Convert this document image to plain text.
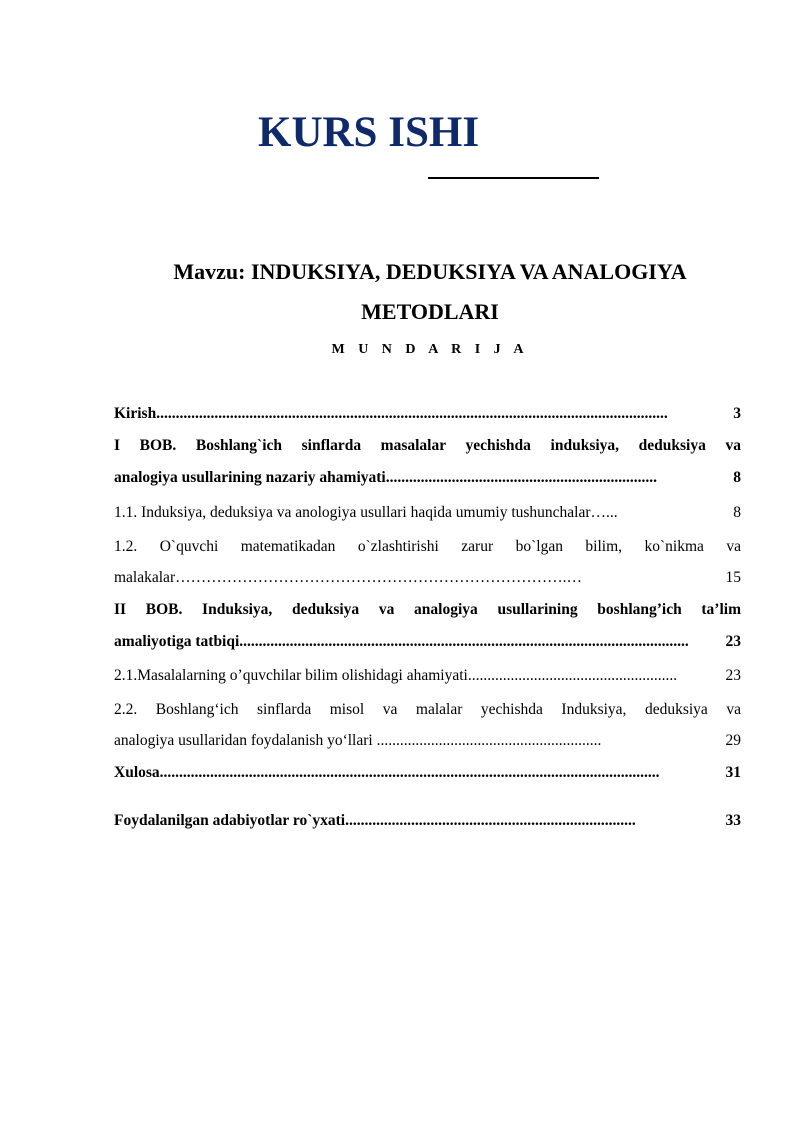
KURS ISHI

Mavzu: INDUKSIYA, DEDUKSIYA VA ANALOGIYA

METODLARI

M U N D A R I J A

Kirish....................................................................................................................................	3
I BOB. Boshlang`ich sinflarda masalalar yechishda induksiya, deduksiya va
analogiya usullarining nazariy ahamiyati......................................................................	8
1.1. Induksiya, deduksiya va anologiya usullari haqida umumiy tushunchalar…...	8
1.2. O`quvchi matematikadan o`zlashtirishi zarur bo`lgan bilim, ko`nikma va
malakalar………………………………………………………………….…	15
II BOB. Induksiya, deduksiya va analogiya usullarining boshlang’ich ta’lim
amaliyotiga tatbiqi....................................................................................................................	23
2.1.Masalalarning o’quvchilar bilim olishidagi ahamiyati......................................................	23
2.2. Boshlang‘ich sinflarda misol va malalar yechishda Induksiya, deduksiya va
analogiya usullaridan foydalanish yo‘llari ..........................................................	29
Xulosa.................................................................................................................................	31
Foydalanilgan adabiyotlar ro`yxati...........................................................................	33
